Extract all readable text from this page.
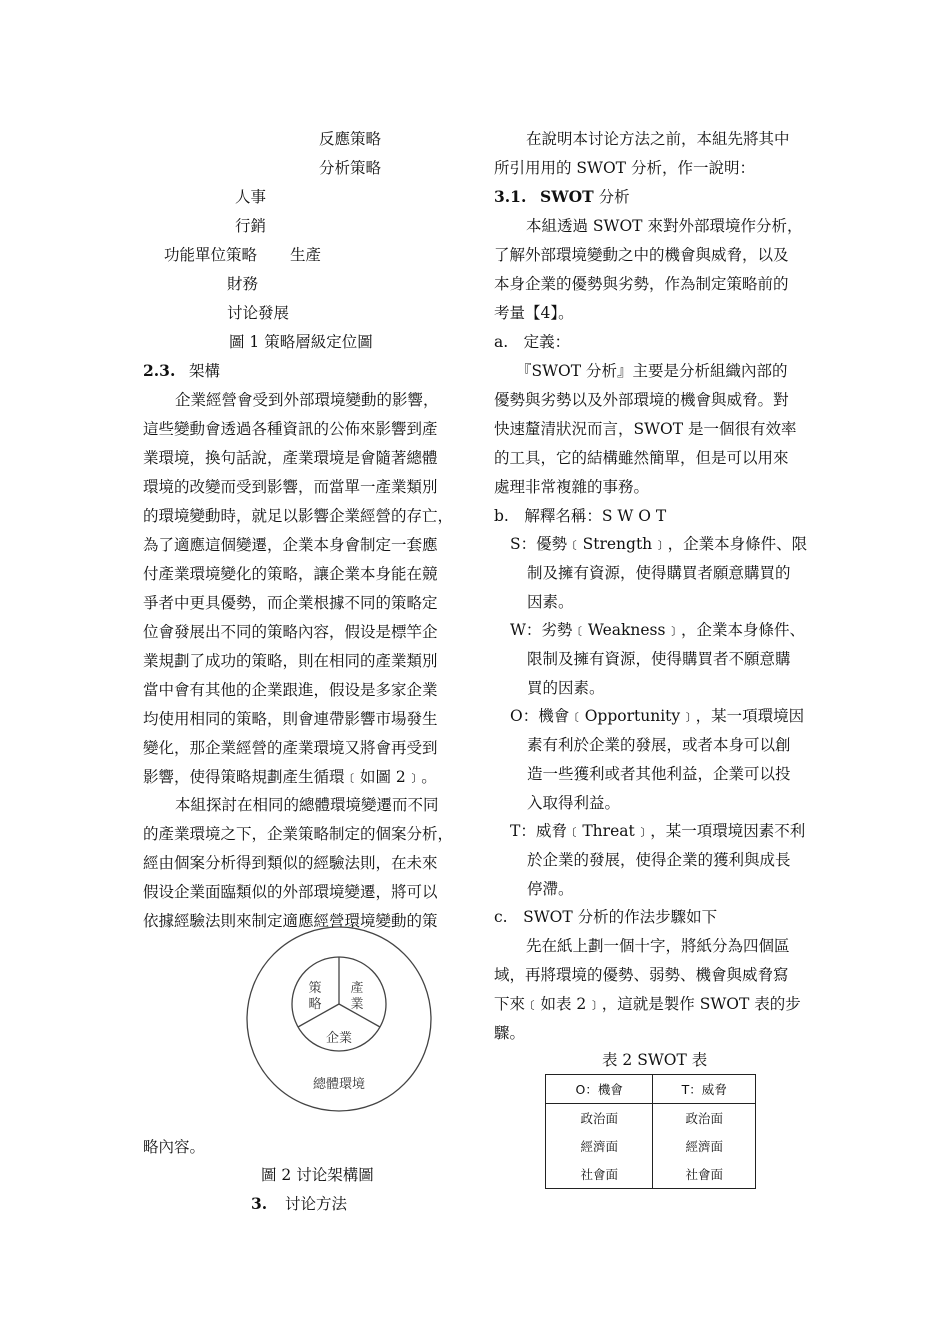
反應策略
分析策略
人事
行銷
功能單位策略 生產
財務
讨论發展
圖 1 策略層級定位圖
2.3. 架構
企業經營會受到外部環境變動的影響，
這些變動會透過各種資訊的公佈來影響到產
業環境，換句話說，產業環境是會隨著總體
環境的改變而受到影響，而當單一產業類別
的環境變動時，就足以影響企業經營的存亡，
為了適應這個變遷，企業本身會制定一套應
付產業環境變化的策略，讓企業本身能在競
爭者中更具優勢，而企業根據不同的策略定
位會發展出不同的策略內容，假设是標竿企
業規劃了成功的策略，則在相同的產業類別
當中會有其他的企業跟進，假设是多家企業
均使用相同的策略，則會連帶影響市場發生
變化，那企業經營的產業環境又將會再受到
影響，使得策略規劃產生循環﹝如圖 2﹞。
本組探討在相同的總體環境變遷而不同
的產業環境之下，企業策略制定的個案分析，
經由個案分析得到類似的經驗法則，在未來
假设企業面臨類似的外部環境變遷，將可以
依據經驗法則來制定適應經營環境變動的策
略內容。
圖 2 讨论架構圖
3. 讨论方法
策
略
產
業
企業
總體環境
在說明本讨论方法之前，本組先將其中
所引用用的 SWOT 分析，作一說明：
3.1. SWOT 分析
本組透過 SWOT 來對外部環境作分析，
了解外部環境變動之中的機會與威脅，以及
本身企業的優勢與劣勢，作為制定策略前的
考量【4】。
a.　定義：
『SWOT 分析』主要是分析組織內部的
優勢與劣勢以及外部環境的機會與威脅。對
快速釐清狀況而言，SWOT 是一個很有效率
的工具，它的結構雖然簡單，但是可以用來
處理非常複雜的事務。
b.　解釋名稱：S W O T
S：優勢﹝Strength﹞，企業本身條件、限
制及擁有資源，使得購買者願意購買的
因素。
W：劣勢﹝Weakness﹞，企業本身條件、
限制及擁有資源，使得購買者不願意購
買的因素。
O：機會﹝Opportunity﹞，某一項環境因
素有利於企業的發展，或者本身可以創
造一些獲利或者其他利益，企業可以投
入取得利益。
T：威脅﹝Threat﹞，某一項環境因素不利
於企業的發展，使得企業的獲利與成長
停滯。
c.　SWOT 分析的作法步驟如下
先在紙上劃一個十字，將紙分為四個區
域，再將環境的優勢、弱勢、機會與威脅寫
下來﹝如表 2﹞，這就是製作 SWOT 表的步
驟。
表 2 SWOT 表
O：機會	T：威脅
政治面	政治面
經濟面	經濟面
社會面	社會面
